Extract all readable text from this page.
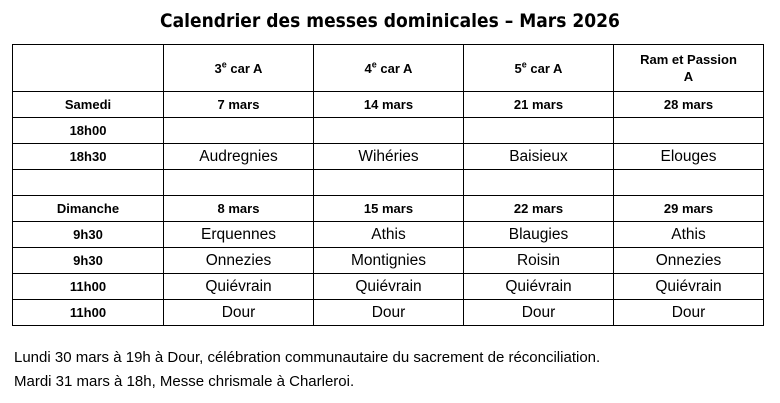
Calendrier des messes dominicales – Mars 2026
	3e car A	4e car A	5e car A	Ram et Passion
A
Samedi	7 mars	14 mars	21 mars	28 mars
18h00				
18h30	Audregnies	Wihéries	Baisieux	Elouges

Dimanche	8 mars	15 mars	22 mars	29 mars
9h30	Erquennes	Athis	Blaugies	Athis
9h30	Onnezies	Montignies	Roisin	Onnezies
11h00	Quiévrain	Quiévrain	Quiévrain	Quiévrain
11h00	Dour	Dour	Dour	Dour
Lundi 30 mars à 19h à Dour, célébration communautaire du sacrement de réconciliation.
Mardi 31 mars à 18h, Messe chrismale à Charleroi.
